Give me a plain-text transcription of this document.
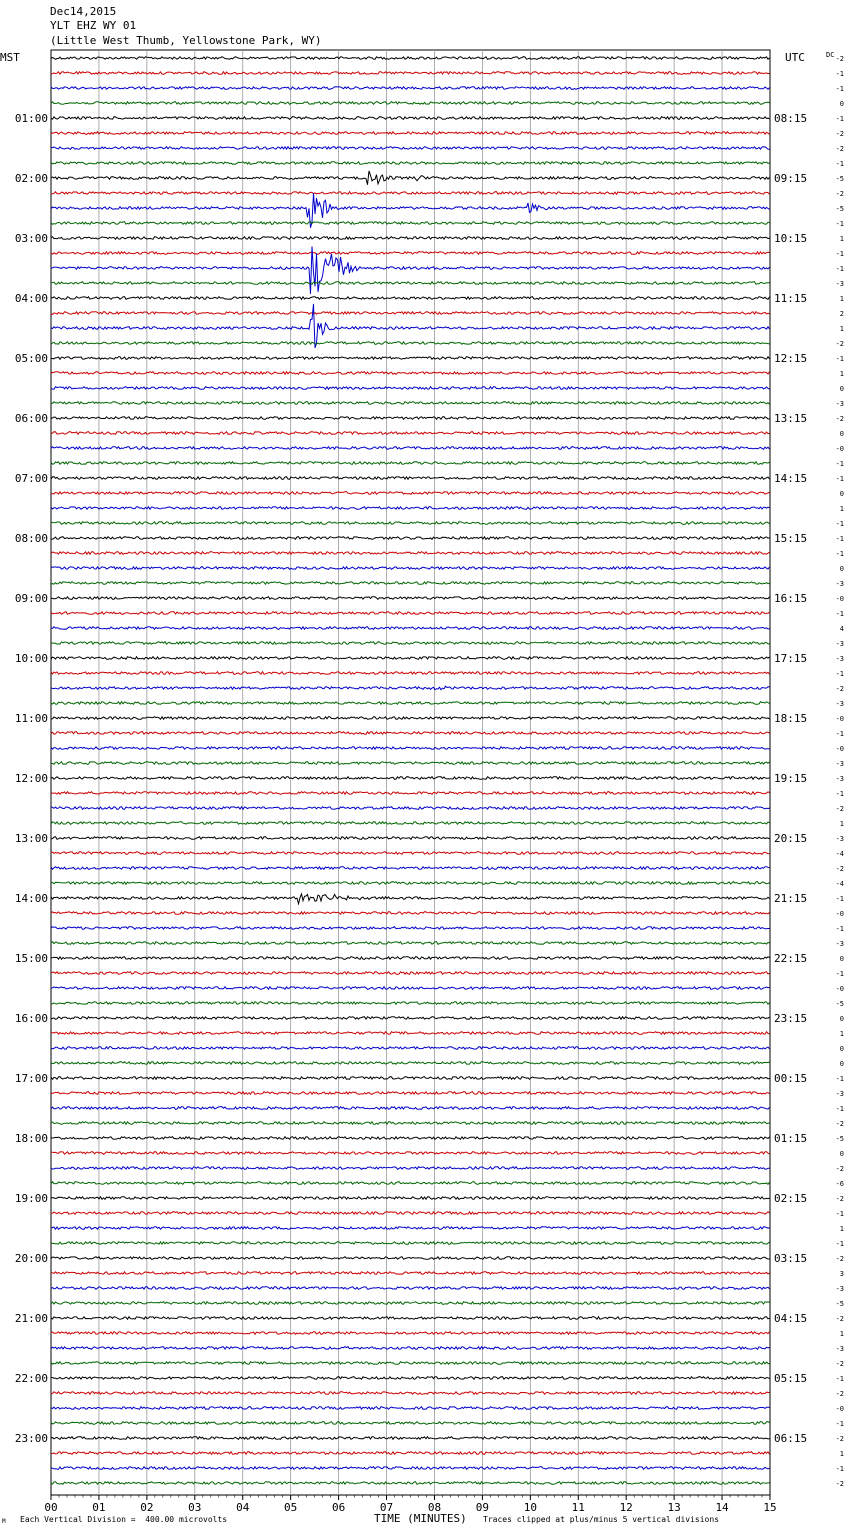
00	01	02	03	04	05	06	07	08	09	10	11	12	13	14	15
-2
-1
-1
0
-1
-2
-2
-1
-5
-2
-5
-1
1
-1
-1
-3
1
2
1
-2
-1
1
0
-3
-2
0
-0
-1
-1
0
1
-1
-1
-1
0
-3
-0
-1
4
-3
-3
-1
-2
-3
-0
-1
-0
-3
-3
-1
-2
1
-3
-4
-2
-4
-1
-0
-1
-3
0
-1
-0
-5
0
1
0
0
-1
-3
-1
-2
-5
0
-2
-6
-2
-1
1
-1
-2
3
-3
-5
-2
1
-3
-2
-1
-2
-0
-1
-2
1
-1
-2
01:00
02:00
03:00
04:00
05:00
06:00
07:00
08:00
09:00
10:00
11:00
12:00
13:00
14:00
15:00
16:00
17:00
18:00
19:00
20:00
21:00
22:00
23:00
08:15
09:15
10:15
11:15
12:15
13:15
14:15
15:15
16:15
17:15
18:15
19:15
20:15
21:15
22:15
23:15
00:15
01:15
02:15
03:15
04:15
05:15
06:15
Dec14,2015
YLT EHZ WY 01
(Little West Thumb, Yellowstone Park, WY)
MST	UTC	DC
M Each Vertical Division =  400.00 microvolts	TIME (MINUTES) Traces clipped at plus/minus 5 vertical divisions
